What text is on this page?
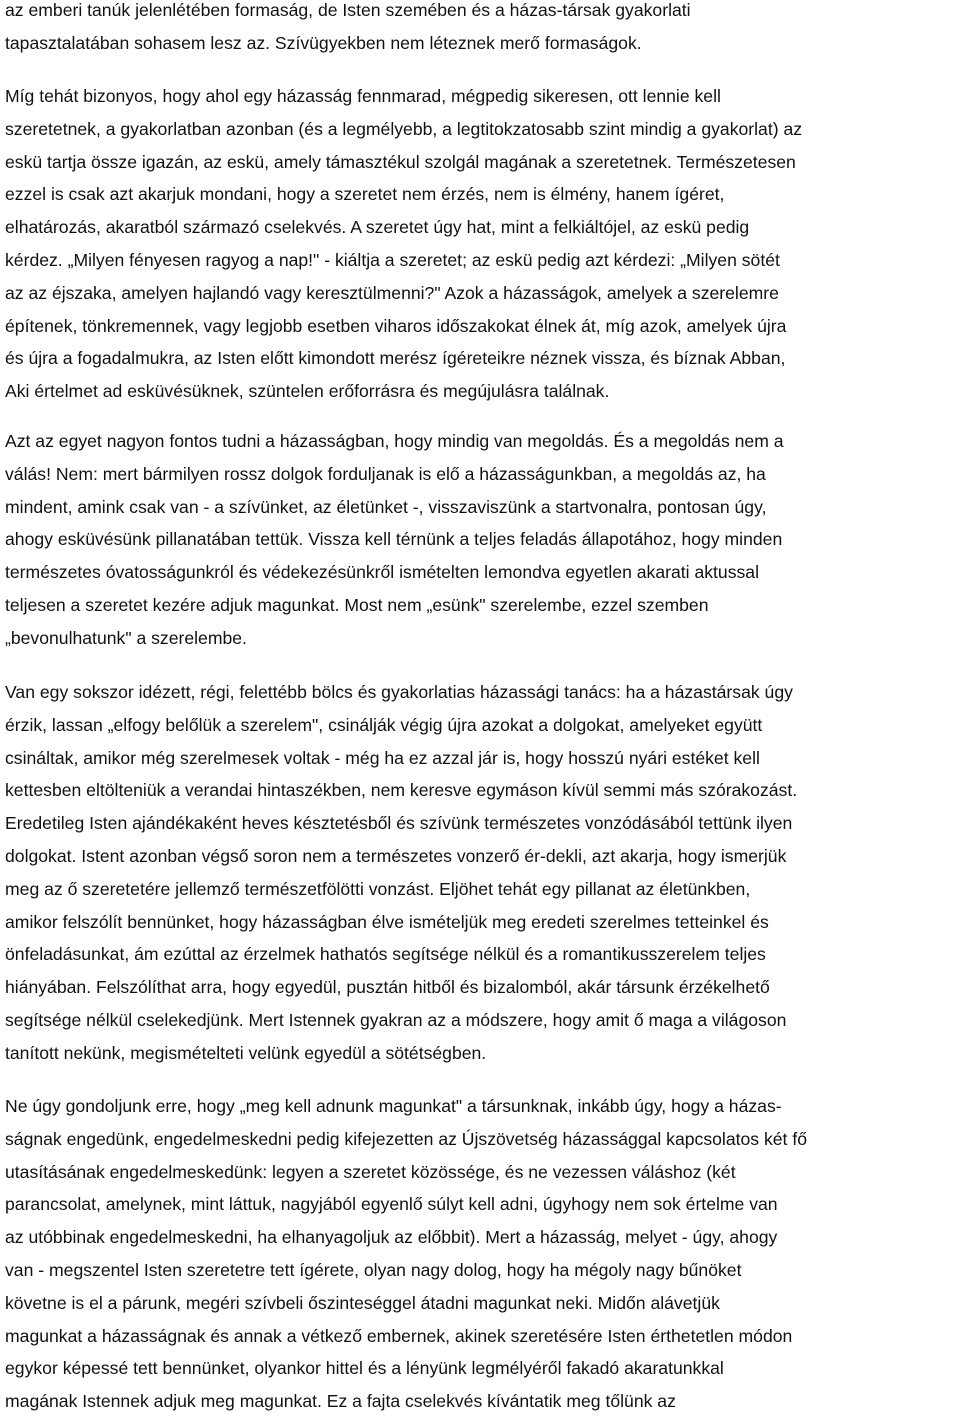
az emberi tanúk jelenlétében formaság, de Isten szemében és a házas-társak gyakorlati
tapasztalatában sohasem lesz az. Szívügyekben nem léteznek merő formaságok.
Míg tehát bizonyos, hogy ahol egy házasság fennmarad, mégpedig sikeresen, ott lennie kell
szeretetnek, a gyakorlatban azonban (és a legmélyebb, a legtitokzatosabb szint mindig a gyakorlat) az
eskü tartja össze igazán, az eskü, amely támasztékul szolgál magának a szeretetnek. Természetesen
ezzel is csak azt akarjuk mondani, hogy a szeretet nem érzés, nem is élmény, hanem ígéret,
elhatározás, akaratból származó cselekvés. A szeretet úgy hat, mint a felkiáltójel, az eskü pedig
kérdez. „Milyen fényesen ragyog a nap!" - kiáltja a szeretet; az eskü pedig azt kérdezi: „Milyen sötét
az az éjszaka, amelyen hajlandó vagy keresztülmenni?" Azok a házasságok, amelyek a szerelemre
építenek, tönkremennek, vagy legjobb esetben viharos időszakokat élnek át, míg azok, amelyek újra
és újra a fogadalmukra, az Isten előtt kimondott merész ígéreteikre néznek vissza, és bíznak Abban,
Aki értelmet ad esküvésüknek, szüntelen erőforrásra és megújulásra találnak.
Azt az egyet nagyon fontos tudni a házasságban, hogy mindig van megoldás. És a megoldás nem a
válás! Nem: mert bármilyen rossz dolgok forduljanak is elő a házasságunkban, a megoldás az, ha
mindent, amink csak van - a szívünket, az életünket -, visszaviszünk a startvonalra, pontosan úgy,
ahogy esküvésünk pillanatában tettük. Vissza kell térnünk a teljes feladás állapotához, hogy minden
természetes óvatosságunkról és védekezésünkről ismételten lemondva egyetlen akarati aktussal
teljesen a szeretet kezére adjuk magunkat. Most nem „esünk" szerelembe, ezzel szemben
„bevonulhatunk" a szerelembe.
Van egy sokszor idézett, régi, felettébb bölcs és gyakorlatias házassági tanács: ha a házastársak úgy
érzik, lassan „elfogy belőlük a szerelem", csinálják végig újra azokat a dolgokat, amelyeket együtt
csináltak, amikor még szerelmesek voltak - még ha ez azzal jár is, hogy hosszú nyári estéket kell
kettesben eltölteniük a verandai hintaszékben, nem keresve egymáson kívül semmi más szórakozást.
Eredetileg Isten ajándékaként heves késztetésből és szívünk természetes vonzódásából tettünk ilyen
dolgokat. Istent azonban végső soron nem a természetes vonzerő ér-dekli, azt akarja, hogy ismerjük
meg az ő szeretetére jellemző természetfölötti vonzást. Eljöhet tehát egy pillanat az életünkben,
amikor felszólít bennünket, hogy házasságban élve ismételjük meg eredeti szerelmes tetteinkel és
önfeladásunkat, ám ezúttal az érzelmek hathatós segítsége nélkül és a romantikusszerelem teljes
hiányában. Felszólíthat arra, hogy egyedül, pusztán hitből és bizalomból, akár társunk érzékelhető
segítsége nélkül cselekedjünk. Mert Istennek gyakran az a módszere, hogy amit ő maga a világoson
tanított nekünk, megismételteti velünk egyedül a sötétségben.
Ne úgy gondoljunk erre, hogy „meg kell adnunk magunkat" a társunknak, inkább úgy, hogy a házas-
ságnak engedünk, engedelmeskedni pedig kifejezetten az Újszövetség házassággal kapcsolatos két fő
utasításának engedelmeskedünk: legyen a szeretet közössége, és ne vezessen váláshoz (két
parancsolat, amelynek, mint láttuk, nagyjából egyenlő súlyt kell adni, úgyhogy nem sok értelme van
az utóbbinak engedelmeskedni, ha elhanyagoljuk az előbbit). Mert a házasság, melyet - úgy, ahogy
van - megszentel Isten szeretetre tett ígérete, olyan nagy dolog, hogy ha mégoly nagy bűnöket
követne is el a párunk, megéri szívbeli őszinteséggel átadni magunkat neki. Midőn alávetjük
magunkat a házasságnak és annak a vétkező embernek, akinek szeretésére Isten érthetetlen módon
egykor képessé tett bennünket, olyankor hittel és a lényünk legmélyéről fakadó akaratunkkal
magának Istennek adjuk meg magunkat. Ez a fajta cselekvés kívántatik meg tőlünk az
